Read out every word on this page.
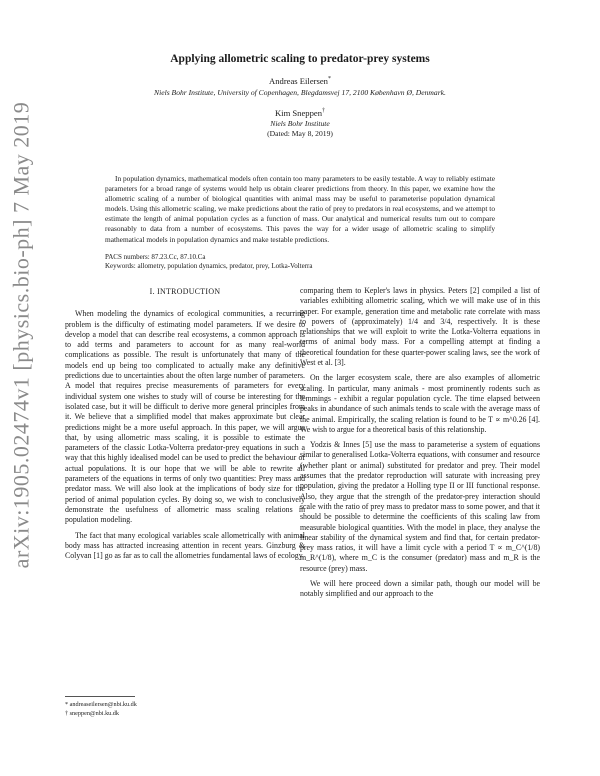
arXiv:1905.02474v1 [physics.bio-ph] 7 May 2019
Applying allometric scaling to predator-prey systems
Andreas Eilersen*
Niels Bohr Institute, University of Copenhagen, Blegdamsvej 17, 2100 København Ø, Denmark.
Kim Sneppen†
Niels Bohr Institute
(Dated: May 8, 2019)

In population dynamics, mathematical models often contain too many parameters to be easily testable. A way to reliably estimate parameters for a broad range of systems would help us obtain clearer predictions from theory. In this paper, we examine how the allometric scaling of a number of biological quantities with animal mass may be useful to parameterise population dynamical models. Using this allometric scaling, we make predictions about the ratio of prey to predators in real ecosystems, and we attempt to estimate the length of animal population cycles as a function of mass. Our analytical and numerical results turn out to compare reasonably to data from a number of ecosystems. This paves the way for a wider usage of allometric scaling to simplify mathematical models in population dynamics and make testable predictions.

PACS numbers: 87.23.Cc, 87.10.Ca
Keywords: allometry, population dynamics, predator, prey, Lotka-Volterra
I. INTRODUCTION

When modeling the dynamics of ecological communities, a recurring problem is the difficulty of estimating model parameters. If we desire to develop a model that can describe real ecosystems, a common approach is to add terms and parameters to account for as many real-world complications as possible. The result is unfortunately that many of the models end up being too complicated to actually make any definitive predictions due to uncertainties about the often large number of parameters. A model that requires precise measurements of parameters for every individual system one wishes to study will of course be interesting for the isolated case, but it will be difficult to derive more general principles from it. We believe that a simplified model that makes approximate but clear predictions might be a more useful approach. In this paper, we will argue that, by using allometric mass scaling, it is possible to estimate the parameters of the classic Lotka-Volterra predator-prey equations in such a way that this highly idealised model can be used to predict the behaviour of actual populations. It is our hope that we will be able to rewrite all parameters of the equations in terms of only two quantities: Prey mass and predator mass. We will also look at the implications of body size for the period of animal population cycles. By doing so, we wish to conclusively demonstrate the usefulness of allometric mass scaling relations in population modeling.

The fact that many ecological variables scale allometrically with animal body mass has attracted increasing attention in recent years. Ginzburg & Colyvan [1] go as far as to call the allometries fundamental laws of ecology,

comparing them to Kepler's laws in physics. Peters [2] compiled a list of variables exhibiting allometric scaling, which we will make use of in this paper. For example, generation time and metabolic rate correlate with mass to powers of (approximately) 1/4 and 3/4, respectively. It is these relationships that we will exploit to write the Lotka-Volterra equations in terms of animal body mass. For a compelling attempt at finding a theoretical foundation for these quarter-power scaling laws, see the work of West et al. [3].

On the larger ecosystem scale, there are also examples of allometric scaling. In particular, many animals - most prominently rodents such as lemmings - exhibit a regular population cycle. The time elapsed between peaks in abundance of such animals tends to scale with the average mass of the animal. Empirically, the scaling relation is found to be T ∝ m^0.26 [4]. We wish to argue for a theoretical basis of this relationship.

Yodzis & Innes [5] use the mass to parameterise a system of equations similar to generalised Lotka-Volterra equations, with consumer and resource (whether plant or animal) substituted for predator and prey. Their model assumes that the predator reproduction will saturate with increasing prey population, giving the predator a Holling type II or III functional response. Also, they argue that the strength of the predator-prey interaction should scale with the ratio of prey mass to predator mass to some power, and that it should be possible to determine the coefficients of this scaling law from measurable biological quantities. With the model in place, they analyse the linear stability of the dynamical system and find that, for certain predator-prey mass ratios, it will have a limit cycle with a period T ∝ m_C^(1/8) m_R^(1/8), where m_C is the consumer (predator) mass and m_R is the resource (prey) mass.

We will here proceed down a similar path, though our model will be notably simplified and our approach to the

* andreaseilersen@nbi.ku.dk
† sneppen@nbi.ku.dk
